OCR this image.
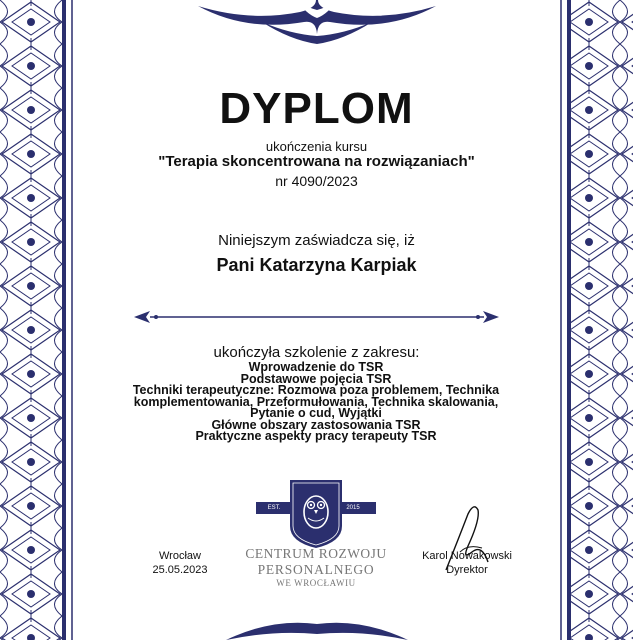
DYPLOM
ukończenia kursu
"Terapia skoncentrowana na rozwiązaniach"
nr 4090/2023
Niniejszym zaświadcza się, iż
Pani Katarzyna Karpiak
ukończyła szkolenie z zakresu:
Wprowadzenie do TSR
Podstawowe pojęcia TSR
Techniki terapeutyczne: Rozmowa poza problemem, Technika
komplementowania, Przeformułowania, Technika skalowania,
Pytanie o cud, Wyjątki
Główne obszary zastosowania TSR
Praktyczne aspekty pracy terapeuty TSR
EST.	2015
CENTRUM ROZWOJU
PERSONALNEGO
WE WROCŁAWIU
Wrocław
25.05.2023
Karol Nowakowski
Dyrektor
